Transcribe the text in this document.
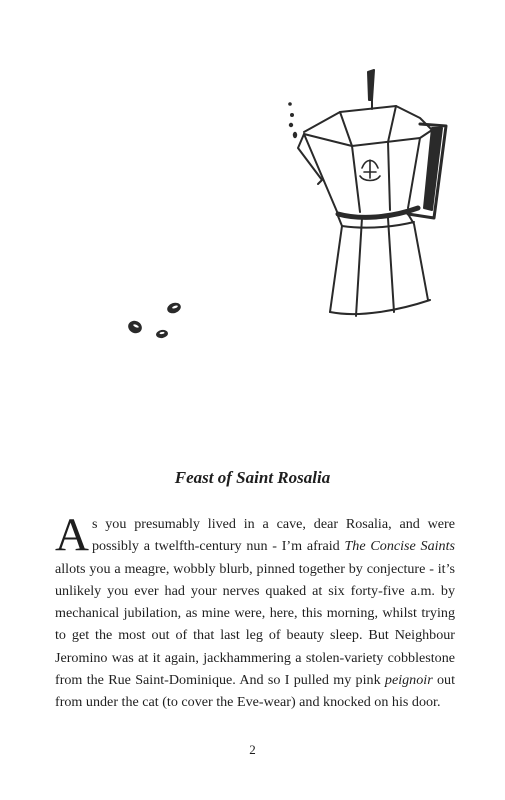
Feast of Saint Rosalia

As you presumably lived in a cave, dear Rosalia, and were possibly a twelfth-century nun - I’m afraid The Concise Saints allots you a meagre, wobbly blurb, pinned together by conjecture - it’s unlikely you ever had your nerves quaked at six forty-five a.m. by mechanical jubilation, as mine were, here, this morning, whilst trying to get the most out of that last leg of beauty sleep. But Neighbour Jeromino was at it again, jackhammering a stolen-variety cobblestone from the Rue Saint-Dominique. And so I pulled my pink peignoir out from under the cat (to cover the Eve-wear) and knocked on his door.

2
